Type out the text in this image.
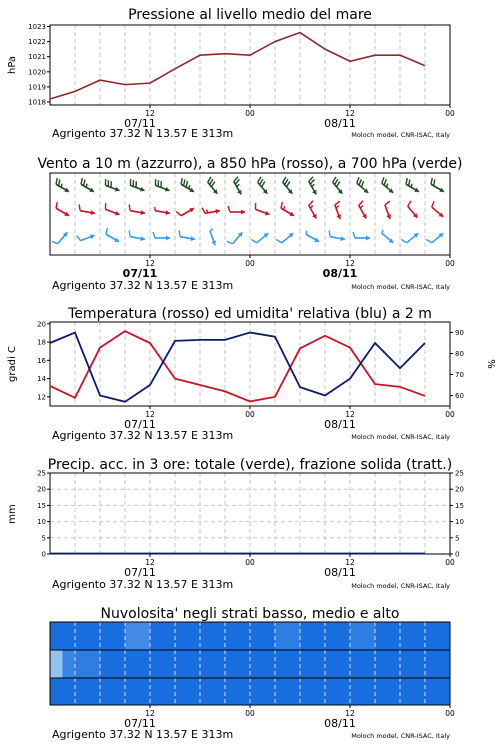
Pressione al livello medio del mare
1018
1019
1020
1021
1022
1023
hPa
12	00	12	00
07/11	08/11
Agrigento 37.32 N 13.57 E 313m	Moloch model, CNR-ISAC, Italy
Vento a 10 m (azzurro), a 850 hPa (rosso), a 700 hPa (verde)
12	00	12	00
07/11	08/11
Agrigento 37.32 N 13.57 E 313m	Moloch model, CNR-ISAC, Italy
Temperatura (rosso) ed umidita' relativa (blu) a 2 m
12
14
16
18
20
60
70
80
90
gradi C	%
12	00	12	00
07/11	08/11
Agrigento 37.32 N 13.57 E 313m	Moloch model, CNR-ISAC, Italy
Precip. acc. in 3 ore: totale (verde), frazione solida (tratt.)
0
5
10
15
20
25
0
5
10
15
20
25
mm
12	00	12	00
07/11	08/11
Agrigento 37.32 N 13.57 E 313m	Moloch model, CNR-ISAC, Italy
Nuvolosita' negli strati basso, medio e alto
12	00	12	00
07/11	08/11
Agrigento 37.32 N 13.57 E 313m	Moloch model, CNR-ISAC, Italy
